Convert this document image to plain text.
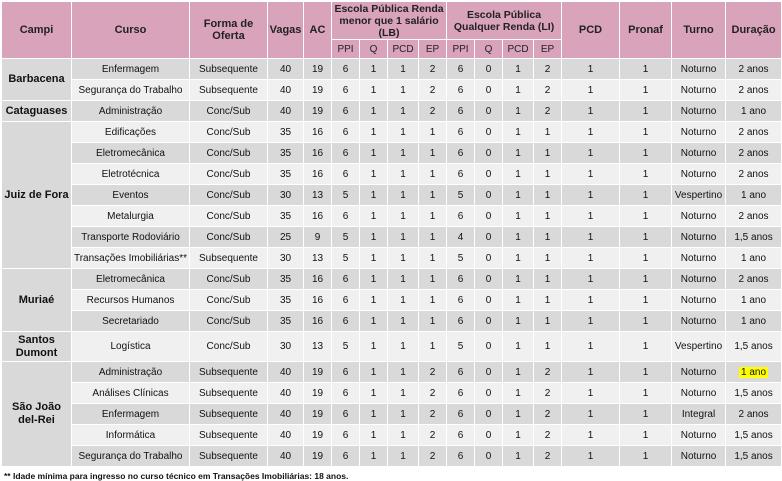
Campi	Curso	Forma de Oferta	Vagas	AC	Escola Pública Renda menor que 1 salário (LB)				Escola Pública Qualquer Renda (LI)				PCD	Pronaf	Turno	Duração
					PPI	Q	PCD	EP	PPI	Q	PCD	EP				
Barbacena	Enfermagem	Subsequente	40	19	6	1	1	2	6	0	1	2	1	1	Noturno	2 anos
	Segurança do Trabalho	Subsequente	40	19	6	1	1	2	6	0	1	2	1	1	Noturno	2 anos
Cataguases	Administração	Conc/Sub	40	19	6	1	1	2	6	0	1	2	1	1	Noturno	1 ano
Juiz de Fora	Edificações	Conc/Sub	35	16	6	1	1	1	6	0	1	1	1	1	Noturno	2 anos
	Eletromecânica	Conc/Sub	35	16	6	1	1	1	6	0	1	1	1	1	Noturno	2 anos
	Eletrotécnica	Conc/Sub	35	16	6	1	1	1	6	0	1	1	1	1	Noturno	2 anos
	Eventos	Conc/Sub	30	13	5	1	1	1	5	0	1	1	1	1	Vespertino	1 ano
	Metalurgia	Conc/Sub	35	16	6	1	1	1	6	0	1	1	1	1	Noturno	2 anos
	Transporte Rodoviário	Conc/Sub	25	9	5	1	1	1	4	0	1	1	1	1	Noturno	1,5 anos
	Transações Imobiliárias**	Subsequente	30	13	5	1	1	1	5	0	1	1	1	1	Noturno	1 ano
Muriaé	Eletromecânica	Conc/Sub	35	16	6	1	1	1	6	0	1	1	1	1	Noturno	2 anos
	Recursos Humanos	Conc/Sub	35	16	6	1	1	1	6	0	1	1	1	1	Noturno	1 ano
	Secretariado	Conc/Sub	35	16	6	1	1	1	6	0	1	1	1	1	Noturno	1 ano
Santos Dumont	Logística	Conc/Sub	30	13	5	1	1	1	5	0	1	1	1	1	Vespertino	1,5 anos
São João del-Rei	Administração	Subsequente	40	19	6	1	1	2	6	0	1	2	1	1	Noturno	1 ano
	Análises Clínicas	Subsequente	40	19	6	1	1	2	6	0	1	2	1	1	Noturno	1,5 anos
	Enfermagem	Subsequente	40	19	6	1	1	2	6	0	1	2	1	1	Integral	2 anos
	Informática	Subsequente	40	19	6	1	1	2	6	0	1	2	1	1	Noturno	1,5 anos
	Segurança do Trabalho	Subsequente	40	19	6	1	1	2	6	0	1	2	1	1	Noturno	1,5 anos
** Idade mínima para ingresso no curso técnico em Transações Imobiliárias: 18 anos.
